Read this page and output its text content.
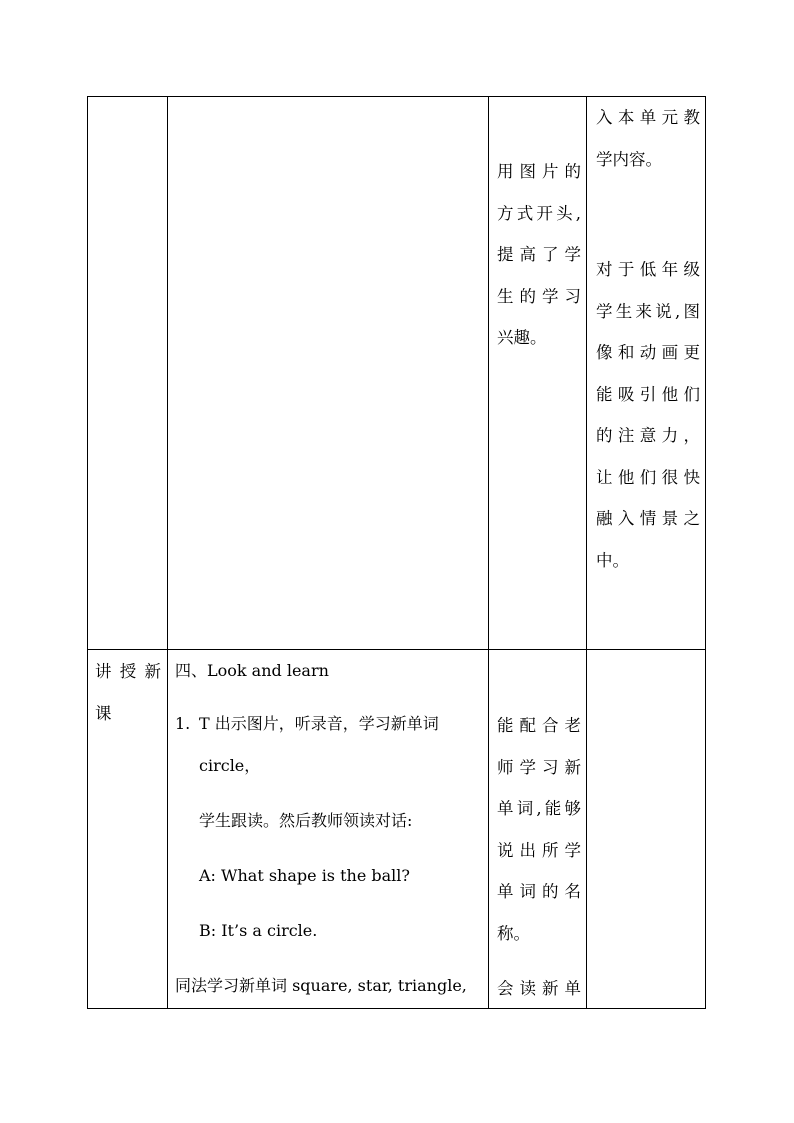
用图片的
方式开头,
提高了学
生的学习
兴趣。
入本单元教
学内容。
对于低年级
学生来说,图
像和动画更
能吸引他们
的注意力，
让他们很快
融入情景之
中。
讲授新
课
四、Look and learn
1. T 出示图片，听录音，学习新单词
circle，
学生跟读。然后教师领读对话:
A: What shape is the ball?
B: It’s a circle.
同法学习新单词 square, star, triangle,
能配合老
师学习新
单词,能够
说出所学
单词的名
称。
会读新单
